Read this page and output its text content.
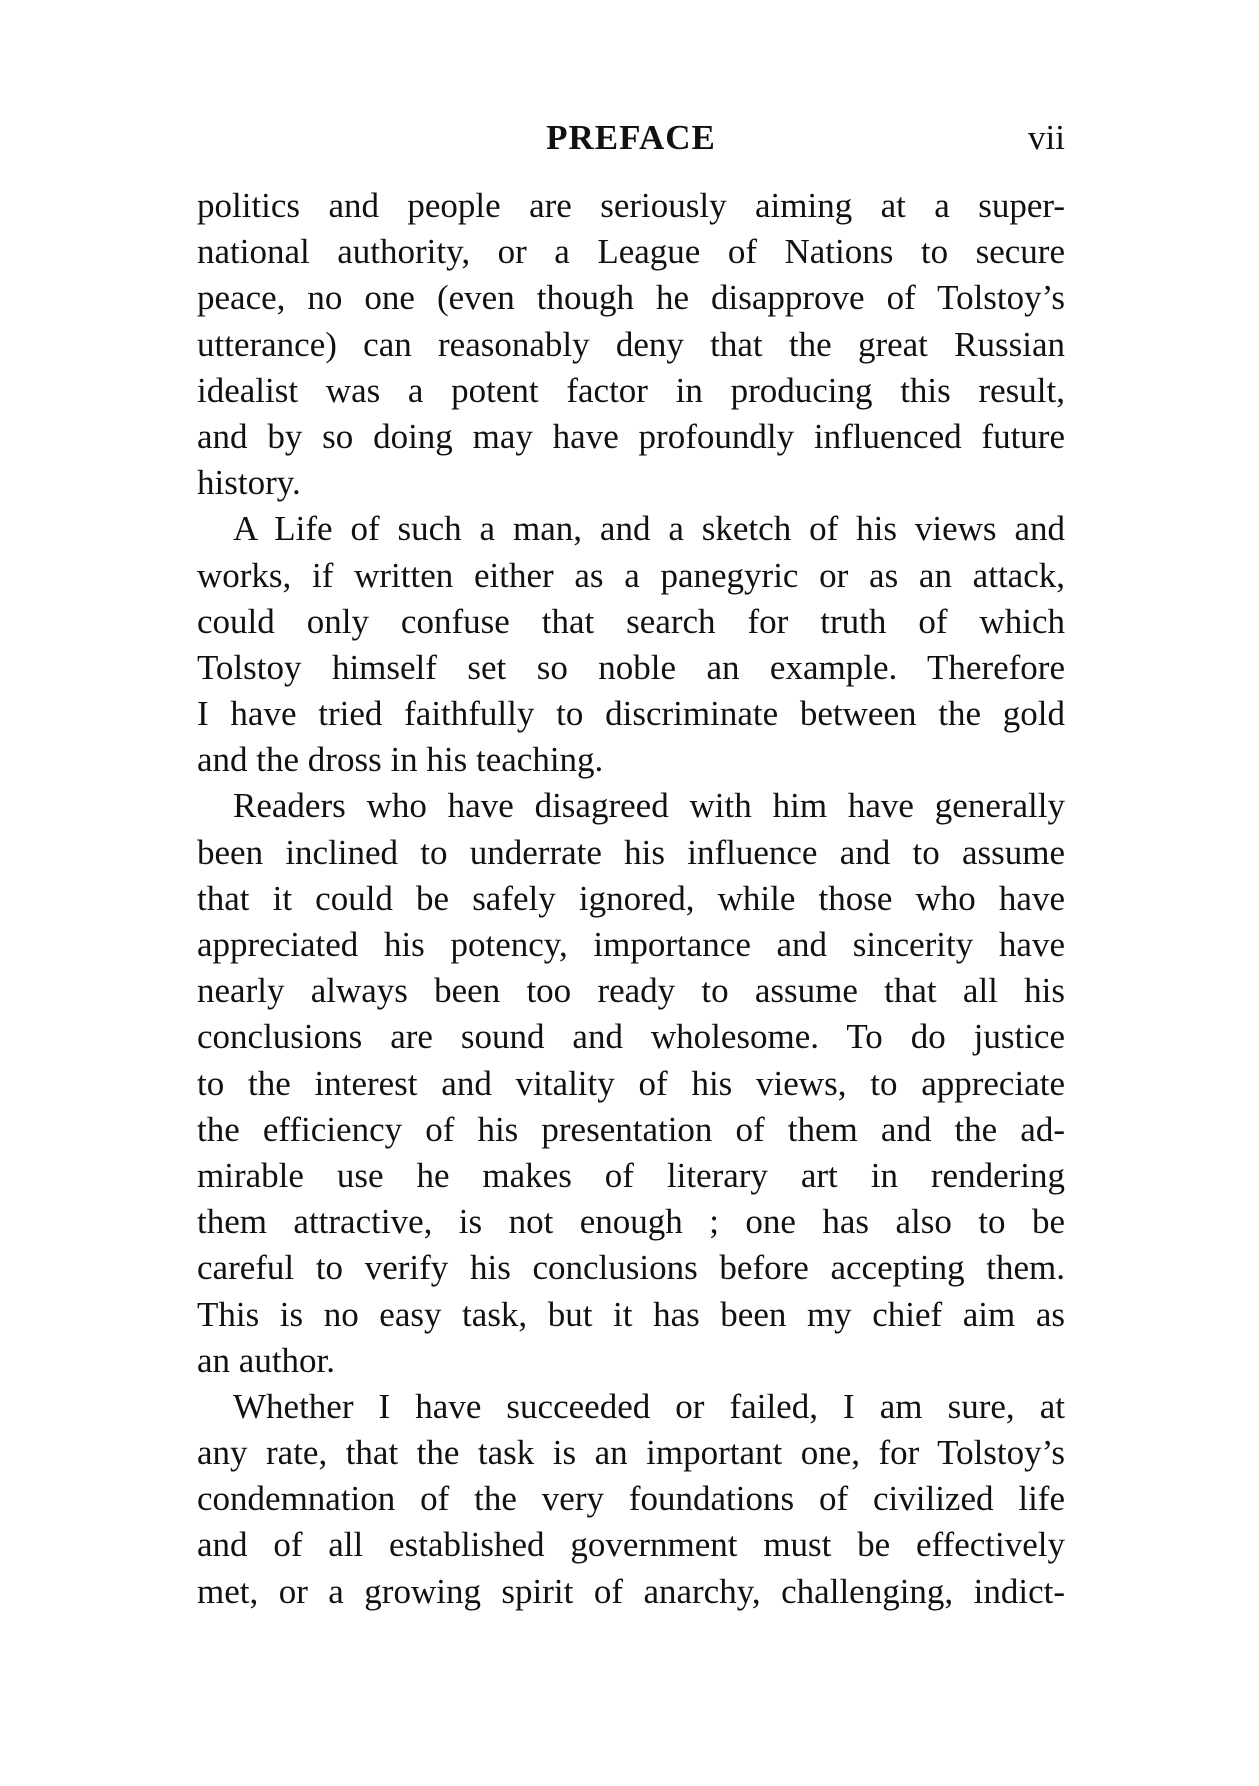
PREFACE	vii

politics and people are seriously aiming at a super-
national authority, or a League of Nations to secure
peace, no one (even though he disapprove of Tolstoy’s
utterance) can reasonably deny that the great Russian
idealist was a potent factor in producing this result,
and by so doing may have profoundly influenced future
history.

A Life of such a man, and a sketch of his views and
works, if written either as a panegyric or as an attack,
could only confuse that search for truth of which
Tolstoy himself set so noble an example. Therefore
I have tried faithfully to discriminate between the gold
and the dross in his teaching.

Readers who have disagreed with him have generally
been inclined to underrate his influence and to assume
that it could be safely ignored, while those who have
appreciated his potency, importance and sincerity have
nearly always been too ready to assume that all his
conclusions are sound and wholesome. To do justice
to the interest and vitality of his views, to appreciate
the efficiency of his presentation of them and the ad-
mirable use he makes of literary art in rendering
them attractive, is not enough ; one has also to be
careful to verify his conclusions before accepting them.
This is no easy task, but it has been my chief aim as
an author.

Whether I have succeeded or failed, I am sure, at
any rate, that the task is an important one, for Tolstoy’s
condemnation of the very foundations of civilized life
and of all established government must be effectively
met, or a growing spirit of anarchy, challenging, indict-
